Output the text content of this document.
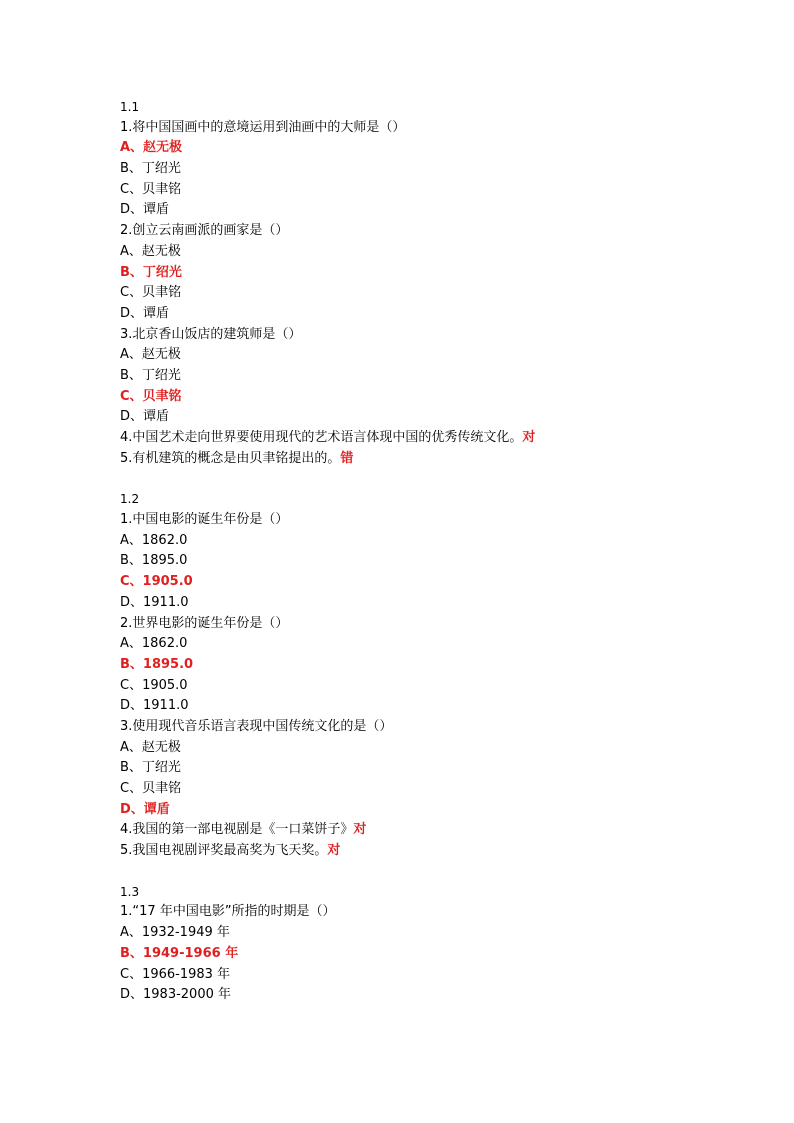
1.1
1.将中国国画中的意境运用到油画中的大师是（）
A、赵无极
B、丁绍光
C、贝聿铭
D、谭盾
2.创立云南画派的画家是（）
A、赵无极
B、丁绍光
C、贝聿铭
D、谭盾
3.北京香山饭店的建筑师是（）
A、赵无极
B、丁绍光
C、贝聿铭
D、谭盾
4.中国艺术走向世界要使用现代的艺术语言体现中国的优秀传统文化。对
5.有机建筑的概念是由贝聿铭提出的。错
1.2
1.中国电影的诞生年份是（）
A、1862.0
B、1895.0
C、1905.0
D、1911.0
2.世界电影的诞生年份是（）
A、1862.0
B、1895.0
C、1905.0
D、1911.0
3.使用现代音乐语言表现中国传统文化的是（）
A、赵无极
B、丁绍光
C、贝聿铭
D、谭盾
4.我国的第一部电视剧是《一口菜饼子》对
5.我国电视剧评奖最高奖为飞天奖。对
1.3
1.“17 年中国电影”所指的时期是（）
A、1932-1949 年
B、1949-1966 年
C、1966-1983 年
D、1983-2000 年
